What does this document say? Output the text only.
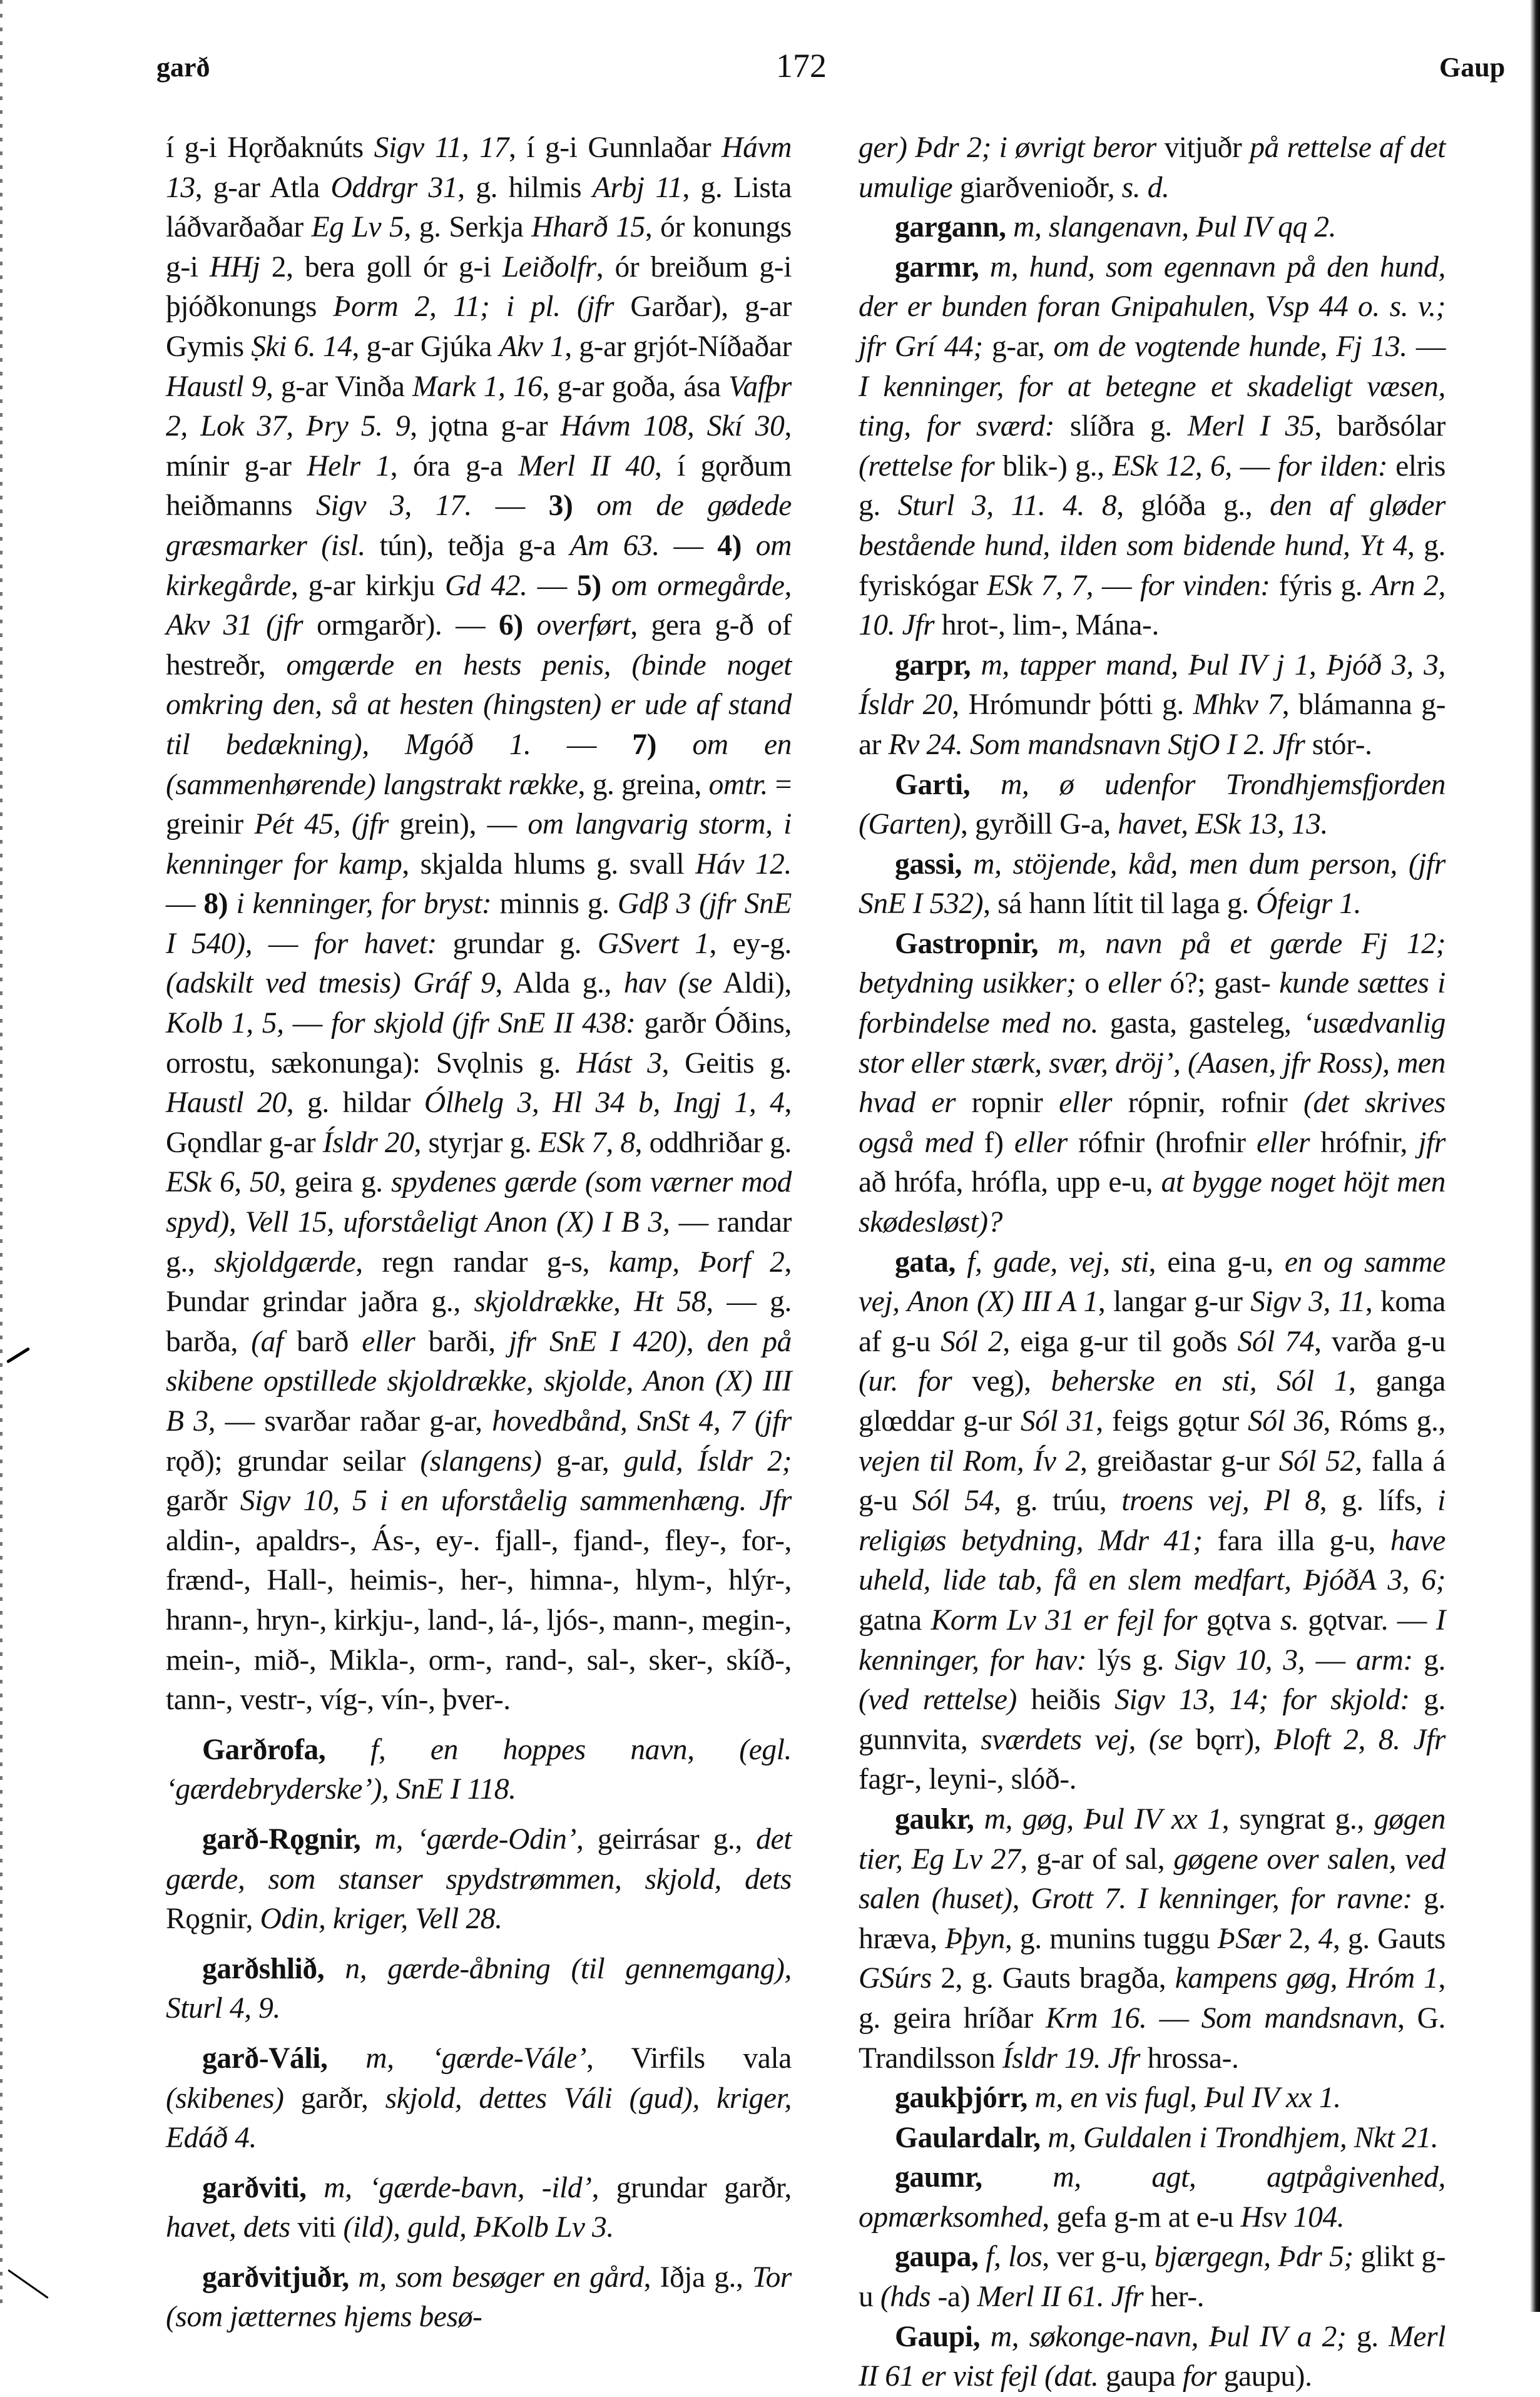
garð	172	Gaup

í g-i Hǫrðaknúts Sigv 11, 17, í g-i Gunnlaðar Hávm 13, g-ar Atla Oddrgr 31, g. hilmis Arbj 11, g. Lista láðvarðaðar Eg Lv 5, g. Serkja Hharð 15, ór konungs g-i HHj 2, bera goll ór g-i Leiðolfr, ór breiðum g-i þjóðkonungs Þorm 2, 11; i pl. (jfr Garðar), g-ar Gymis Ṣki 6. 14, g-ar Gjúka Akv 1, g-ar grjót-Níðaðar Haustl 9, g-ar Vinða Mark 1, 16, g-ar goða, ása Vafþr 2, Lok 37, Þry 5. 9, jǫtna g-ar Hávm 108, Skí 30, mínir g-ar Helr 1, óra g-a Merl II 40, í gǫrðum heiðmanns Sigv 3, 17. — 3) om de gødede græsmarker (isl. tún), teðja g-a Am 63. — 4) om kirkegårde, g-ar kirkju Gd 42. — 5) om ormegårde, Akv 31 (jfr ormgarðr). — 6) overført, gera g-ð of hestreðr, omgærde en hests penis, (binde noget omkring den, så at hesten (hingsten) er ude af stand til bedækning), Mgóð 1. — 7) om en (sammenhørende) langstrakt række, g. greina, omtr. = greinir Pét 45, (jfr grein), — om langvarig storm, i kenninger for kamp, skjalda hlums g. svall Háv 12. — 8) i kenninger, for bryst: minnis g. Gdβ 3 (jfr SnE I 540), — for havet: grundar g. GSvert 1, ey-g. (adskilt ved tmesis) Gráf 9, Alda g., hav (se Aldi), Kolb 1, 5, — for skjold (jfr SnE II 438: garðr Óðins, orrostu, sækonunga): Svǫlnis g. Hást 3, Geitis g. Haustl 20, g. hildar Ólhelg 3, Hl 34 b, Ingj 1, 4, Gǫndlar g-ar Ísldr 20, styrjar g. ESk 7, 8, oddhriðar g. ESk 6, 50, geira g. spydenes gærde (som værner mod spyd), Vell 15, uforståeligt Anon (X) I B 3, — randar g., skjoldgærde, regn randar g-s, kamp, Þorf 2, Þundar grindar jaðra g., skjoldrække, Ht 58, — g. barða, (af barð eller barði, jfr SnE I 420), den på skibene opstillede skjoldrække, skjolde, Anon (X) III B 3, — svarðar raðar g-ar, hovedbånd, SnSt 4, 7 (jfr rǫð); grundar seilar (slangens) g-ar, guld, Ísldr 2; garðr Sigv 10, 5 i en uforståelig sammenhæng. Jfr aldin-, apaldrs-, Ás-, ey-. fjall-, fjand-, fley-, for-, frænd-, Hall-, heimis-, her-, himna-, hlym-, hlýr-, hrann-, hryn-, kirkju-, land-, lá-, ljós-, mann-, megin-, mein-, mið-, Mikla-, orm-, rand-, sal-, sker-, skíð-, tann-, vestr-, víg-, vín-, þver-.

Garðrofa, f, en hoppes navn, (egl. ‘gærdebryderske’), SnE I 118.

garð-Rǫgnir, m, ‘gærde-Odin’, geirrásar g., det gærde, som stanser spydstrømmen, skjold, dets Rǫgnir, Odin, kriger, Vell 28.

garðshlið, n, gærde-åbning (til gennemgang), Sturl 4, 9.

garð-Váli, m, ‘gærde-Vále’, Virfils vala (skibenes) garðr, skjold, dettes Váli (gud), kriger, Edáð 4.

garðviti, m, ‘gærde-bavn, -ild’, grundar garðr, havet, dets viti (ild), guld, ÞKolb Lv 3.

garðvitjuðr, m, som besøger en gård, Iðja g., Tor (som jætternes hjems besø-

ger) Þdr 2; i øvrigt beror vitjuðr på rettelse af det umulige giarðvenioðr, s. d.

gargann, m, slangenavn, Þul IV qq 2.

garmr, m, hund, som egennavn på den hund, der er bunden foran Gnipahulen, Vsp 44 o. s. v.; jfr Grí 44; g-ar, om de vogtende hunde, Fj 13. — I kenninger, for at betegne et skadeligt væsen, ting, for sværd: slíðra g. Merl I 35, barðsólar (rettelse for blik-) g., ESk 12, 6, — for ilden: elris g. Sturl 3, 11. 4. 8, glóða g., den af gløder bestående hund, ilden som bidende hund, Yt 4, g. fyriskógar ESk 7, 7, — for vinden: fýris g. Arn 2, 10. Jfr hrot-, lim-, Mána-.

garpr, m, tapper mand, Þul IV j 1, Þjóð 3, 3, Ísldr 20, Hrómundr þótti g. Mhkv 7, blámanna g-ar Rv 24. Som mandsnavn StjO I 2. Jfr stór-.

Garti, m, ø udenfor Trondhjemsfjorden (Garten), gyrðill G-a, havet, ESk 13, 13.

gassi, m, stöjende, kåd, men dum person, (jfr SnE I 532), sá hann lítit til laga g. Ófeigr 1.

Gastropnir, m, navn på et gærde Fj 12; betydning usikker; o eller ó?; gast- kunde sættes i forbindelse med no. gasta, gasteleg, ‘usædvanlig stor eller stærk, svær, dröj’, (Aasen, jfr Ross), men hvad er ropnir eller rópnir, rofnir (det skrives også med f) eller rófnir (hrofnir eller hrófnir, jfr að hrófa, hrófla, upp e-u, at bygge noget höjt men skødesløst)?

gata, f, gade, vej, sti, eina g-u, en og samme vej, Anon (X) III A 1, langar g-ur Sigv 3, 11, koma af g-u Sól 2, eiga g-ur til goðs Sól 74, varða g-u (ur. for veg), beherske en sti, Sól 1, ganga glœddar g-ur Sól 31, feigs gǫtur Sól 36, Róms g., vejen til Rom, Ív 2, greiðastar g-ur Sól 52, falla á g-u Sól 54, g. trúu, troens vej, Pl 8, g. lífs, i religiøs betydning, Mdr 41; fara illa g-u, have uheld, lide tab, få en slem medfart, ÞjóðA 3, 6; gatna Korm Lv 31 er fejl for gǫtva s. gǫtvar. — I kenninger, for hav: lýs g. Sigv 10, 3, — arm: g. (ved rettelse) heiðis Sigv 13, 14; for skjold: g. gunnvita, sværdets vej, (se bǫrr), Þloft 2, 8. Jfr fagr-, leyni-, slóð-.

gaukr, m, gøg, Þul IV xx 1, syngrat g., gøgen tier, Eg Lv 27, g-ar of sal, gøgene over salen, ved salen (huset), Grott 7. I kenninger, for ravne: g. hræva, Þþyn, g. munins tuggu ÞSær 2, 4, g. Gauts GSúrs 2, g. Gauts bragða, kampens gøg, Hróm 1, g. geira hríðar Krm 16. — Som mandsnavn, G. Trandilsson Ísldr 19. Jfr hrossa-.

gaukþjórr, m, en vis fugl, Þul IV xx 1.

Gaulardalr, m, Guldalen i Trondhjem, Nkt 21.

gaumr, m, agt, agtpågivenhed, opmærksomhed, gefa g-m at e-u Hsv 104.

gaupa, f, los, ver g-u, bjærgegn, Þdr 5; glikt g-u (hds -a) Merl II 61. Jfr her-.

Gaupi, m, søkonge-navn, Þul IV a 2; g. Merl II 61 er vist fejl (dat. gaupa for gaupu).
